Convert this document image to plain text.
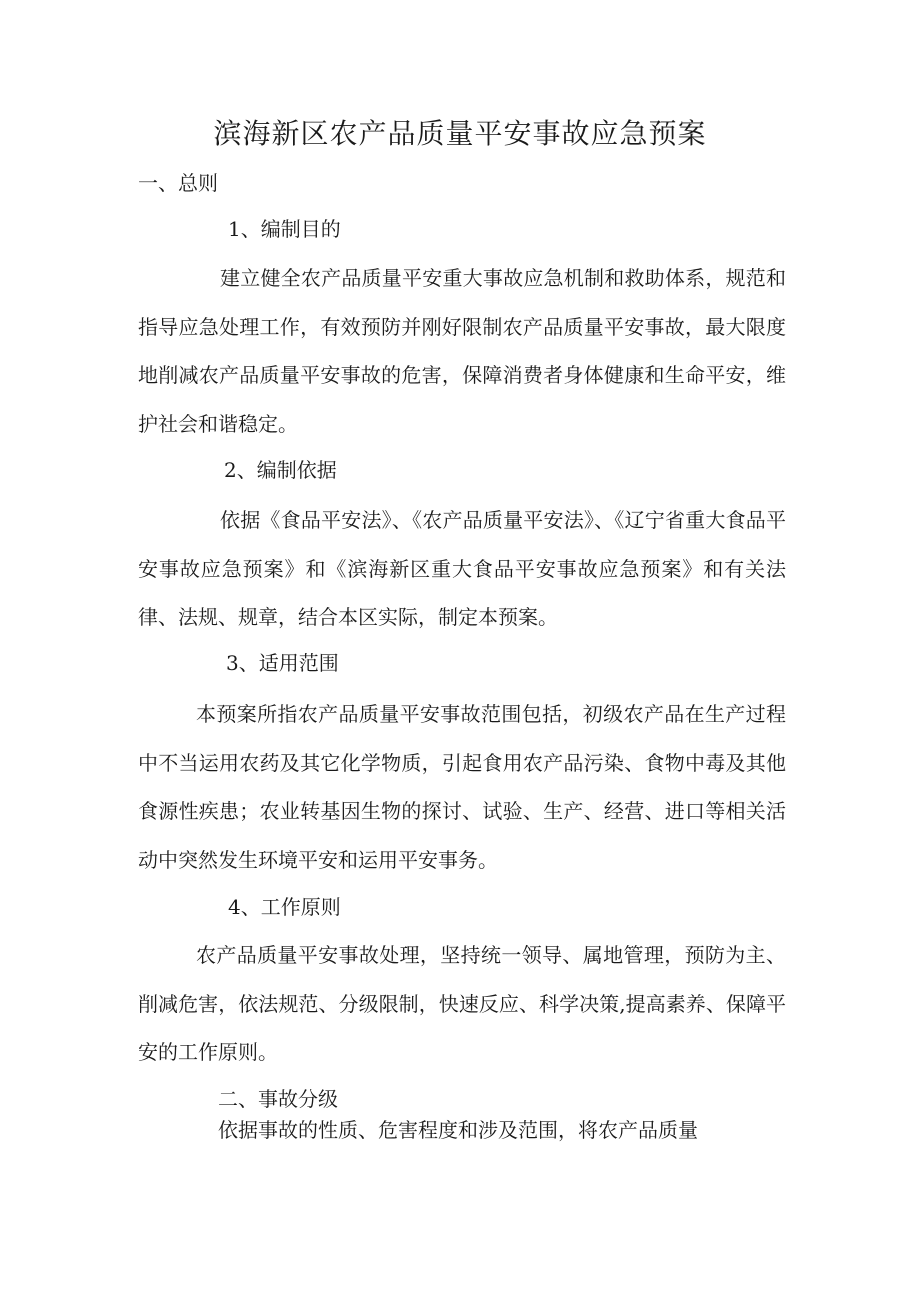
滨海新区农产品质量平安事故应急预案
一、总则
1、编制目的

建立健全农产品质量平安重大事故应急机制和救助体系，规范和指导应急处理工作，有效预防并刚好限制农产品质量平安事故，最大限度地削减农产品质量平安事故的危害，保障消费者身体健康和生命平安，维护社会和谐稳定。

2、编制依据

依据《食品平安法》、《农产品质量平安法》、《辽宁省重大食品平安事故应急预案》和《滨海新区重大食品平安事故应急预案》和有关法律、法规、规章，结合本区实际，制定本预案。

3、适用范围

本预案所指农产品质量平安事故范围包括，初级农产品在生产过程中不当运用农药及其它化学物质，引起食用农产品污染、食物中毒及其他食源性疾患；农业转基因生物的探讨、试验、生产、经营、进口等相关活动中突然发生环境平安和运用平安事务。

4、工作原则

农产品质量平安事故处理，坚持统一领导、属地管理，预防为主、削减危害，依法规范、分级限制，快速反应、科学决策,提高素养、保障平安的工作原则。

二、事故分级
依据事故的性质、危害程度和涉及范围，将农产品质量
